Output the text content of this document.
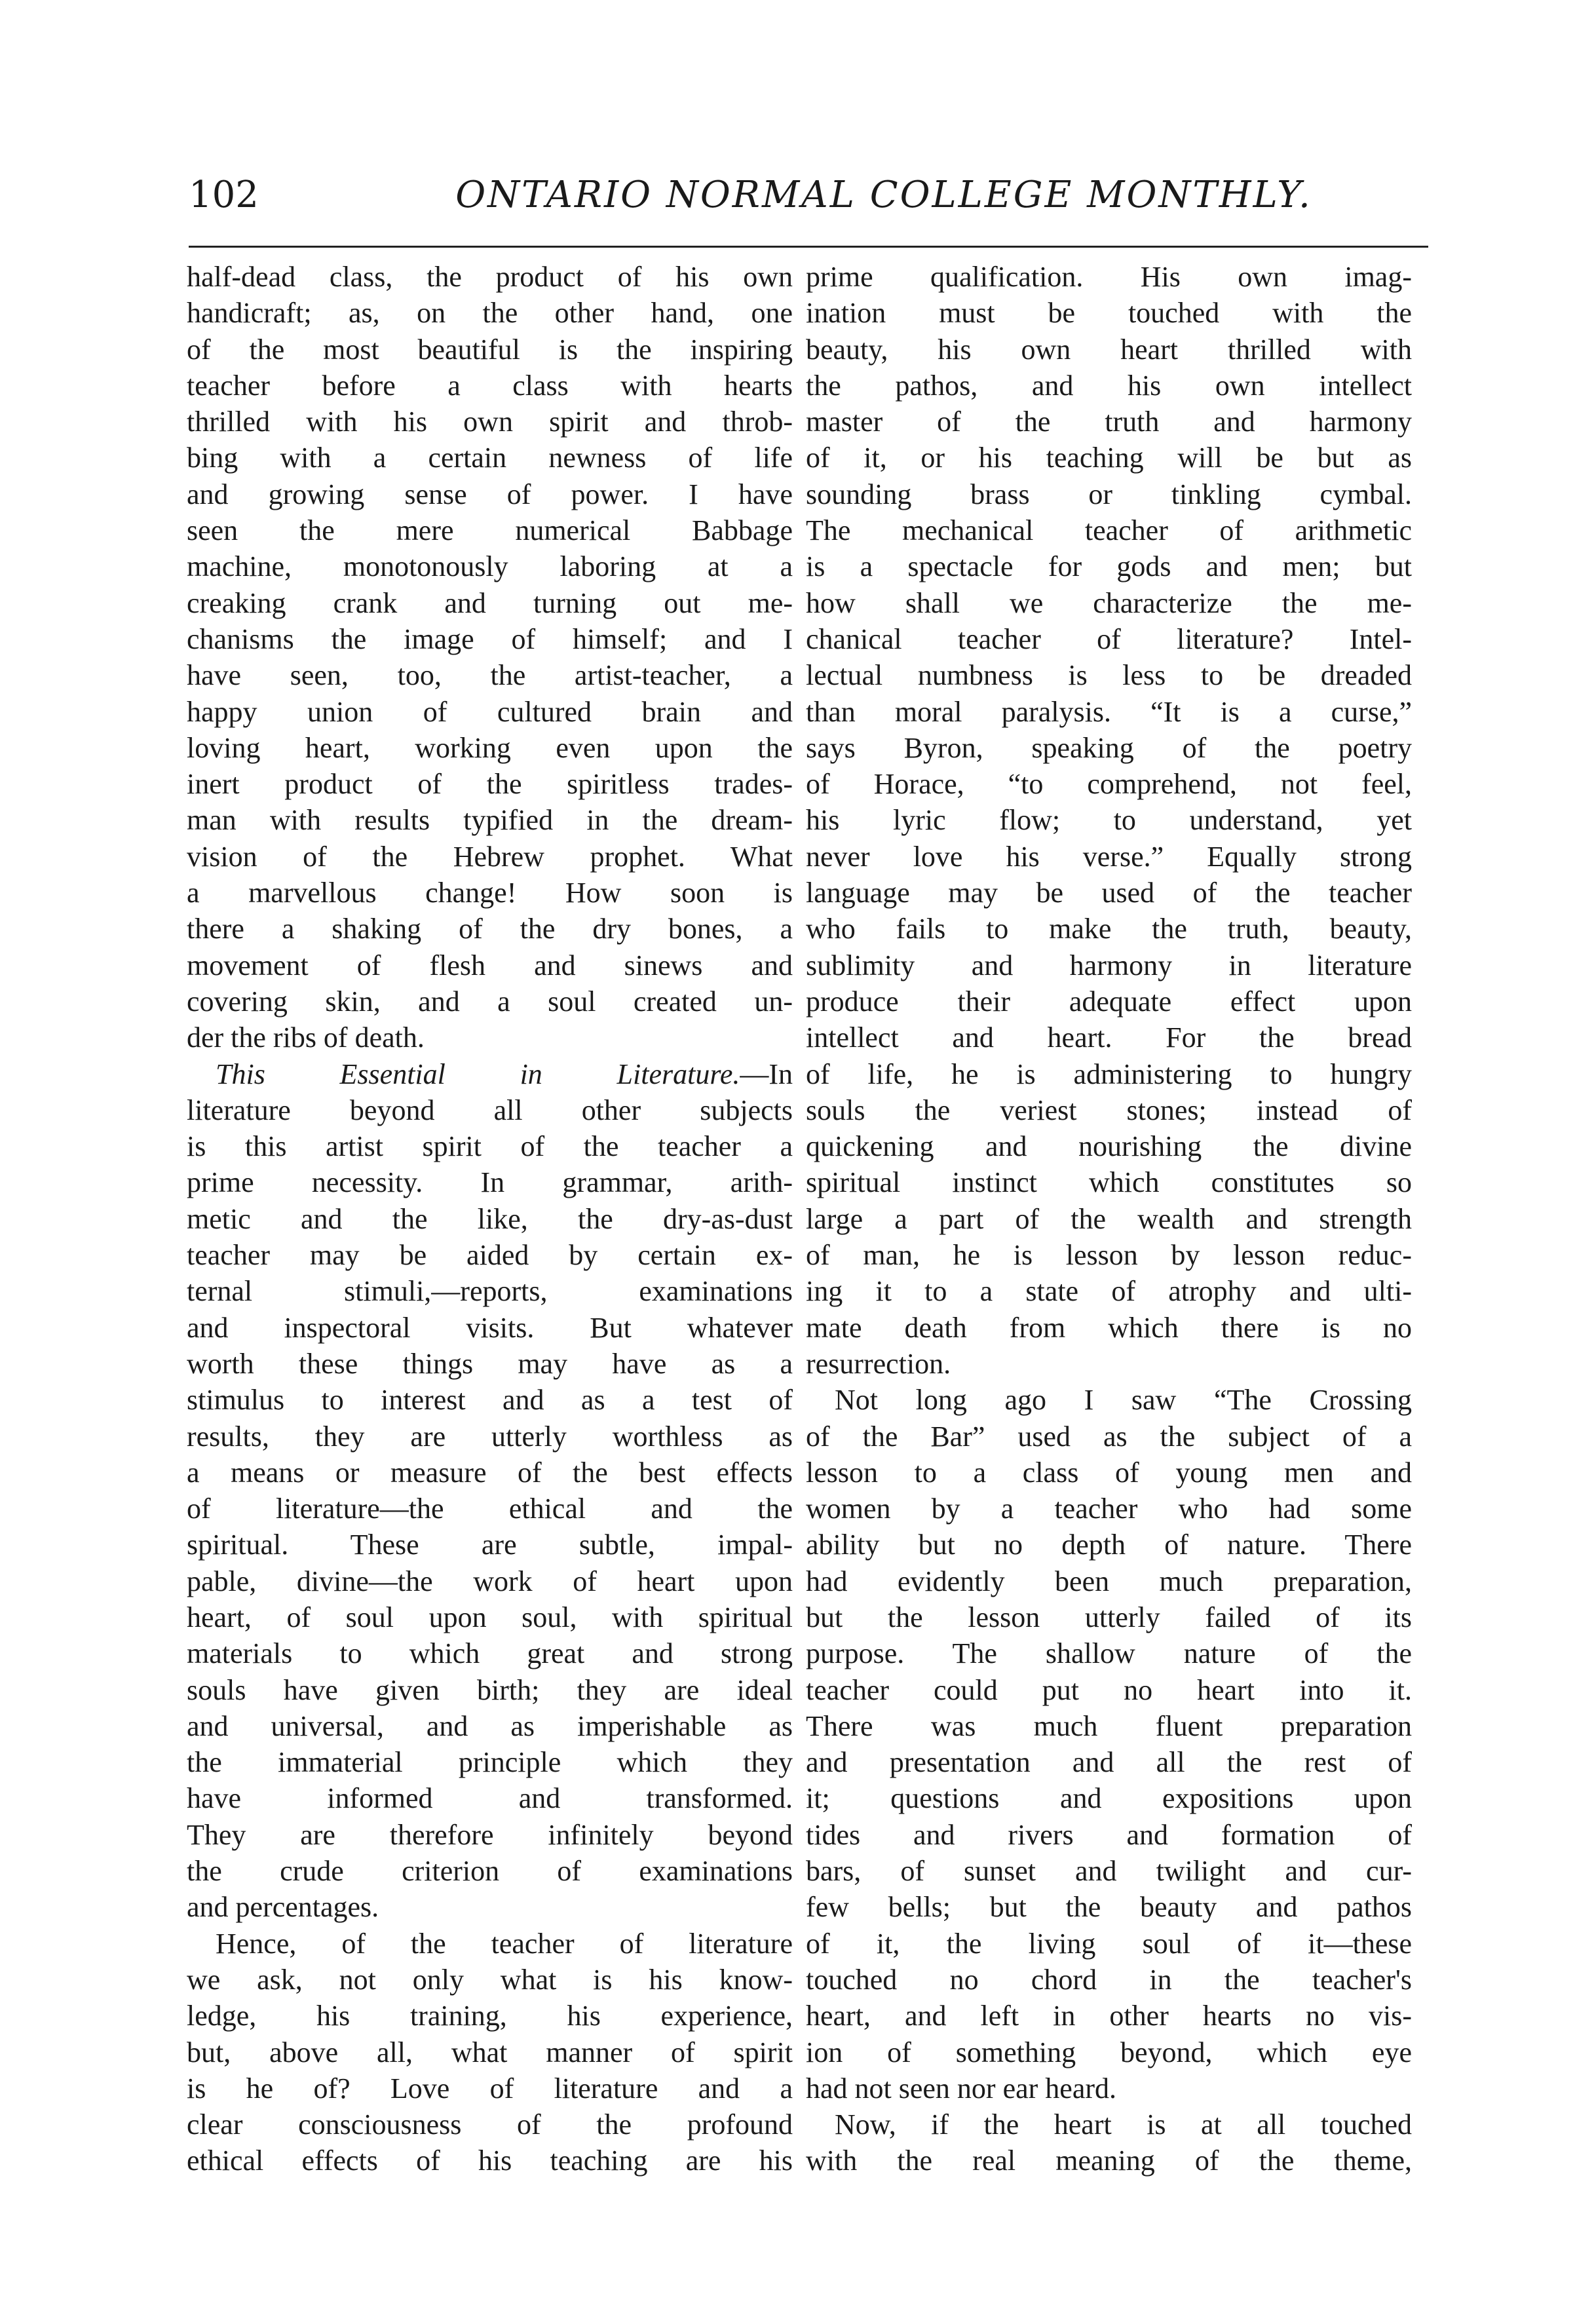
102	ONTARIO NORMAL COLLEGE MONTHLY.
half-dead class, the product of his own
handicraft; as, on the other hand, one
of the most beautiful is the inspiring
teacher before a class with hearts
thrilled with his own spirit and throb-
bing with a certain newness of life
and growing sense of power. I have
seen the mere numerical Babbage
machine, monotonously laboring at a
creaking crank and turning out me-
chanisms the image of himself; and I
have seen, too, the artist-teacher, a
happy union of cultured brain and
loving heart, working even upon the
inert product of the spiritless trades-
man with results typified in the dream-
vision of the Hebrew prophet. What
a marvellous change! How soon is
there a shaking of the dry bones, a
movement of flesh and sinews and
covering skin, and a soul created un-
der the ribs of death.
This Essential in Literature.—In
literature beyond all other subjects
is this artist spirit of the teacher a
prime necessity. In grammar, arith-
metic and the like, the dry-as-dust
teacher may be aided by certain ex-
ternal stimuli,—reports, examinations
and inspectoral visits. But whatever
worth these things may have as a
stimulus to interest and as a test of
results, they are utterly worthless as
a means or measure of the best effects
of literature—the ethical and the
spiritual. These are subtle, impal-
pable, divine—the work of heart upon
heart, of soul upon soul, with spiritual
materials to which great and strong
souls have given birth; they are ideal
and universal, and as imperishable as
the immaterial principle which they
have informed and transformed.
They are therefore infinitely beyond
the crude criterion of examinations
and percentages.
Hence, of the teacher of literature
we ask, not only what is his know-
ledge, his training, his experience,
but, above all, what manner of spirit
is he of? Love of literature and a
clear consciousness of the profound
ethical effects of his teaching are his
prime qualification. His own imag-
ination must be touched with the
beauty, his own heart thrilled with
the pathos, and his own intellect
master of the truth and harmony
of it, or his teaching will be but as
sounding brass or tinkling cymbal.
The mechanical teacher of arithmetic
is a spectacle for gods and men; but
how shall we characterize the me-
chanical teacher of literature? Intel-
lectual numbness is less to be dreaded
than moral paralysis. “It is a curse,”
says Byron, speaking of the poetry
of Horace, “to comprehend, not feel,
his lyric flow; to understand, yet
never love his verse.” Equally strong
language may be used of the teacher
who fails to make the truth, beauty,
sublimity and harmony in literature
produce their adequate effect upon
intellect and heart. For the bread
of life, he is administering to hungry
souls the veriest stones; instead of
quickening and nourishing the divine
spiritual instinct which constitutes so
large a part of the wealth and strength
of man, he is lesson by lesson reduc-
ing it to a state of atrophy and ulti-
mate death from which there is no
resurrection.
Not long ago I saw “The Crossing
of the Bar” used as the subject of a
lesson to a class of young men and
women by a teacher who had some
ability but no depth of nature. There
had evidently been much preparation,
but the lesson utterly failed of its
purpose. The shallow nature of the
teacher could put no heart into it.
There was much fluent preparation
and presentation and all the rest of
it; questions and expositions upon
tides and rivers and formation of
bars, of sunset and twilight and cur-
few bells; but the beauty and pathos
of it, the living soul of it—these
touched no chord in the teacher's
heart, and left in other hearts no vis-
ion of something beyond, which eye
had not seen nor ear heard.
Now, if the heart is at all touched
with the real meaning of the theme,
